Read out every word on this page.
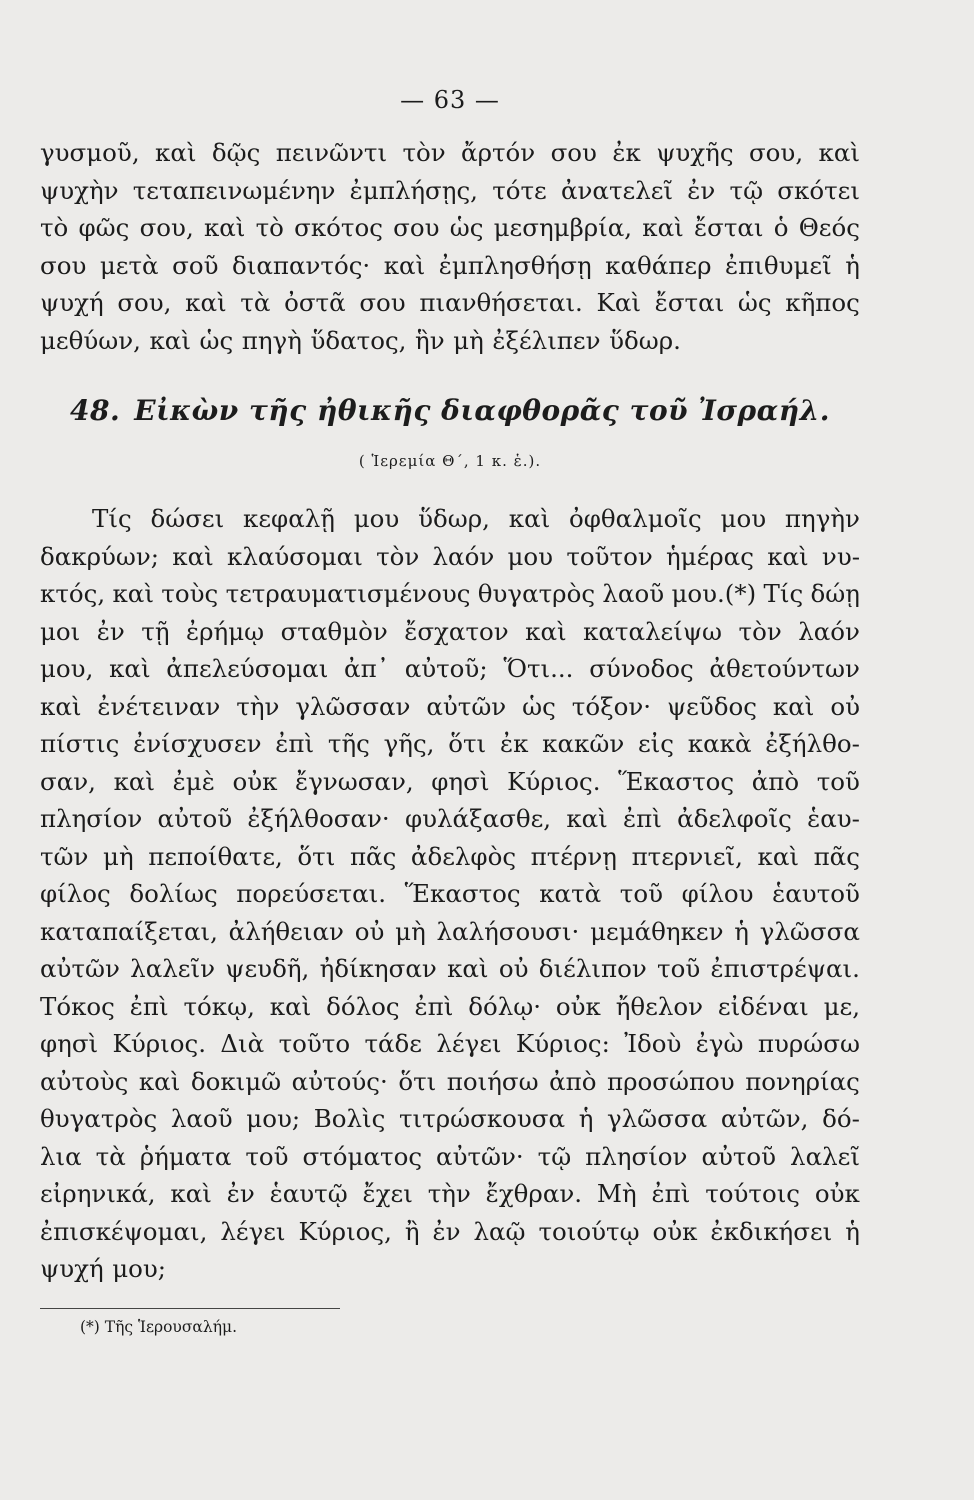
— 63 —
γυσμοῦ, καὶ δῷς πεινῶντι τὸν ἄρτόν σου ἐκ ψυχῆς σου, καὶ
ψυχὴν τεταπεινωμένην ἐμπλήσῃς, τότε ἀνατελεῖ ἐν τῷ σκότει
τὸ φῶς σου, καὶ τὸ σκότος σου ὡς μεσημβρία, καὶ ἔσται ὁ Θεός
σου μετὰ σοῦ διαπαντός· καὶ ἐμπλησθήσῃ καθάπερ ἐπιθυμεῖ ἡ
ψυχή σου, καὶ τὰ ὀστᾶ σου πιανθήσεται. Καὶ ἔσται ὡς κῆπος
μεθύων, καὶ ὡς πηγὴ ὕδατος, ἣν μὴ ἐξέλιπεν ὕδωρ.
48. Εἰκὼν τῆς ἠθικῆς διαφθορᾶς τοῦ Ἰσραήλ.
( Ἱερεμία Θ΄, 1 κ. ἑ.).
Τίς δώσει κεφαλῇ μου ὕδωρ, καὶ ὀφθαλμοῖς μου πηγὴν
δακρύων; καὶ κλαύσομαι τὸν λαόν μου τοῦτον ἡμέρας καὶ νυ-
κτός, καὶ τοὺς τετραυματισμένους θυγατρὸς λαοῦ μου.(*) Τίς δώῃ
μοι ἐν τῇ ἐρήμῳ σταθμὸν ἔσχατον καὶ καταλείψω τὸν λαόν
μου, καὶ ἀπελεύσομαι ἀπ᾽ αὐτοῦ; Ὅτι... σύνοδος ἀθετούντων
καὶ ἐνέτειναν τὴν γλῶσσαν αὐτῶν ὡς τόξον· ψεῦδος καὶ οὐ
πίστις ἐνίσχυσεν ἐπὶ τῆς γῆς, ὅτι ἐκ κακῶν εἰς κακὰ ἐξήλθο-
σαν, καὶ ἐμὲ οὐκ ἔγνωσαν, φησὶ Κύριος. Ἕκαστος ἀπὸ τοῦ
πλησίον αὐτοῦ ἐξήλθοσαν· φυλάξασθε, καὶ ἐπὶ ἀδελφοῖς ἑαυ-
τῶν μὴ πεποίθατε, ὅτι πᾶς ἀδελφὸς πτέρνῃ πτερνιεῖ, καὶ πᾶς
φίλος δολίως πορεύσεται. Ἕκαστος κατὰ τοῦ φίλου ἑαυτοῦ
καταπαίξεται, ἀλήθειαν οὐ μὴ λαλήσουσι· μεμάθηκεν ἡ γλῶσσα
αὐτῶν λαλεῖν ψευδῆ, ἠδίκησαν καὶ οὐ διέλιπον τοῦ ἐπιστρέψαι.
Τόκος ἐπὶ τόκῳ, καὶ δόλος ἐπὶ δόλῳ· οὐκ ἤθελον εἰδέναι με,
φησὶ Κύριος. Διὰ τοῦτο τάδε λέγει Κύριος: Ἰδοὺ ἐγὼ πυρώσω
αὐτοὺς καὶ δοκιμῶ αὐτούς· ὅτι ποιήσω ἀπὸ προσώπου πονηρίας
θυγατρὸς λαοῦ μου; Βολὶς τιτρώσκουσα ἡ γλῶσσα αὐτῶν, δό-
λια τὰ ῥήματα τοῦ στόματος αὐτῶν· τῷ πλησίον αὐτοῦ λαλεῖ
εἰρηνικά, καὶ ἐν ἑαυτῷ ἔχει τὴν ἔχθραν. Μὴ ἐπὶ τούτοις οὐκ
ἐπισκέψομαι, λέγει Κύριος, ἢ ἐν λαῷ τοιούτῳ οὐκ ἐκδικήσει ἡ
ψυχή μου;
(*) Τῆς Ἱερουσαλήμ.
